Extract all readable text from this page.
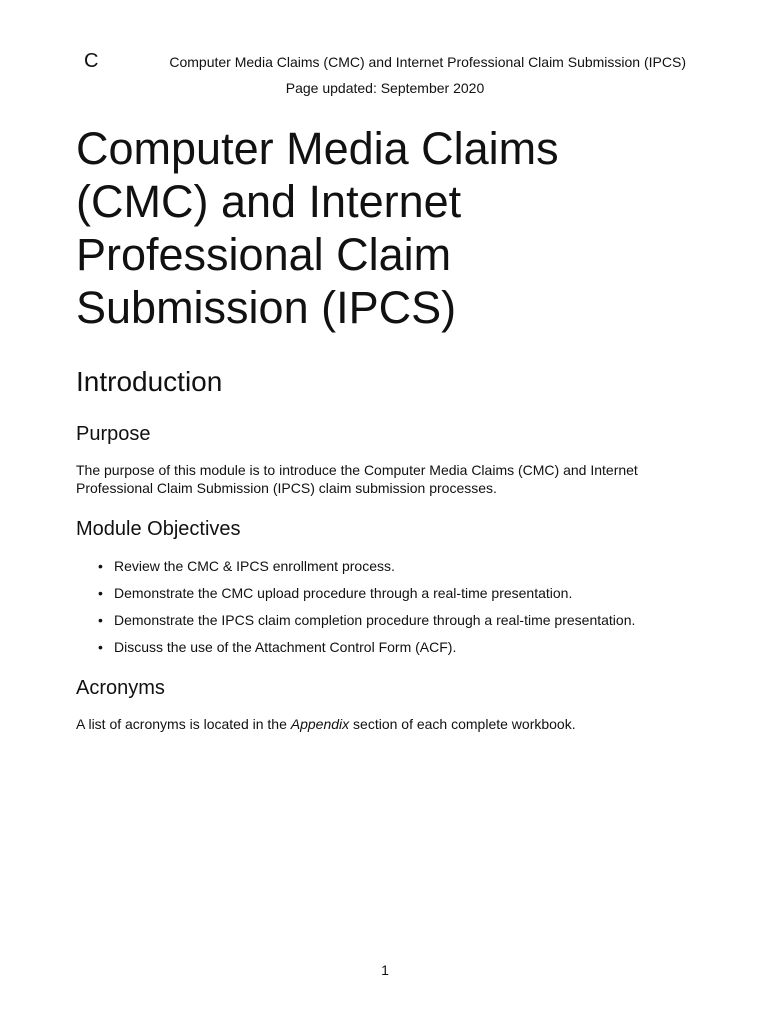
C	Computer Media Claims (CMC) and Internet Professional Claim Submission (IPCS)
Page updated: September 2020
Computer Media Claims
(CMC) and Internet
Professional Claim
Submission (IPCS)
Introduction
Purpose

The purpose of this module is to introduce the Computer Media Claims (CMC) and Internet
Professional Claim Submission (IPCS) claim submission processes.

Module Objectives
• Review the CMC & IPCS enrollment process.
• Demonstrate the CMC upload procedure through a real-time presentation.
• Demonstrate the IPCS claim completion procedure through a real-time presentation.
• Discuss the use of the Attachment Control Form (ACF).
Acronyms

A list of acronyms is located in the Appendix section of each complete workbook.

1
